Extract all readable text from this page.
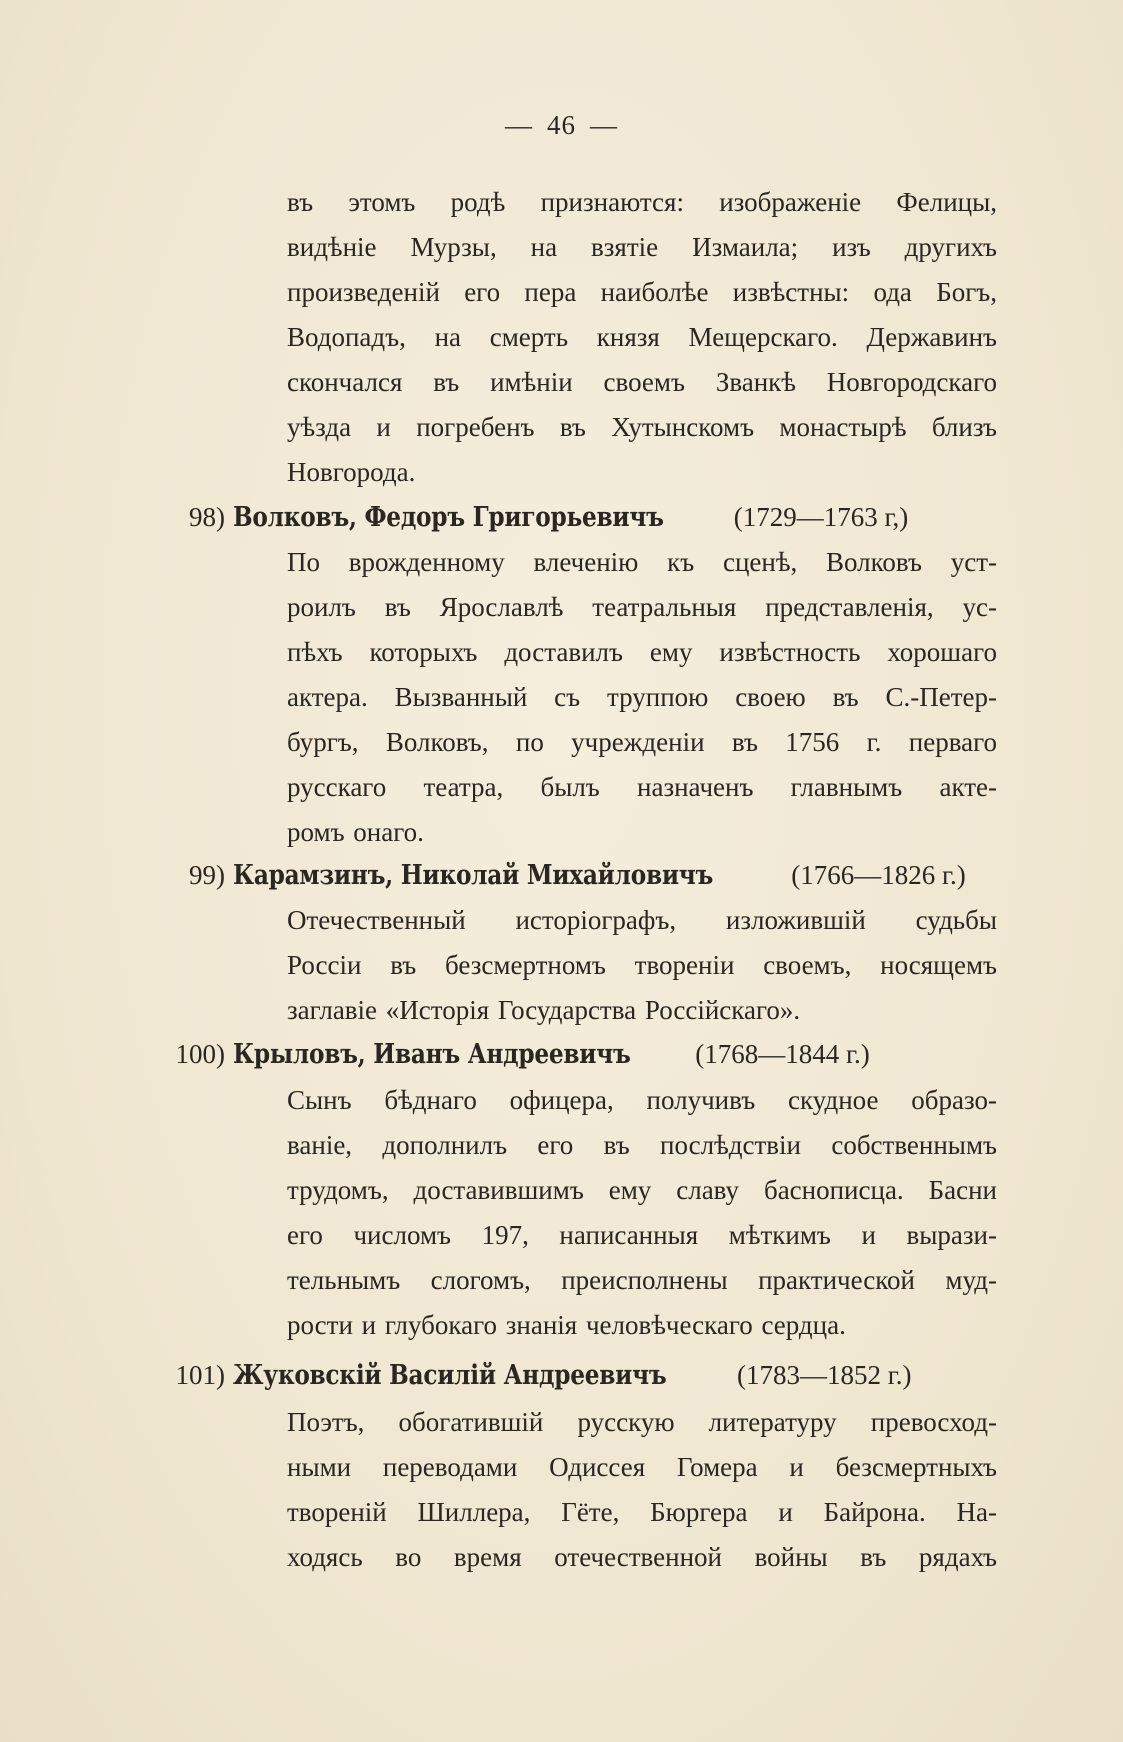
— 46 —
въ этомъ родѣ признаются: изображеніе Фелицы,
видѣніе Мурзы, на взятіе Измаила; изъ другихъ
произведеній его пера наиболѣе извѣстны: ода Богъ,
Водопадъ, на смерть князя Мещерскаго. Державинъ
скончался въ имѣніи своемъ Званкѣ Новгородскаго
уѣзда и погребенъ въ Хутынскомъ монастырѣ близъ
Новгорода.
98) Волковъ, Федоръ Григорьевичъ	(1729—1763 г,)
По врожденному влеченію къ сценѣ, Волковъ уст-
роилъ въ Ярославлѣ театральныя представленія, ус-
пѣхъ которыхъ доставилъ ему извѣстность хорошаго
актера. Вызванный съ труппою своею въ С.-Петер-
бургъ, Волковъ, по учрежденіи въ 1756 г. перваго
русскаго театра, былъ назначенъ главнымъ акте-
ромъ онаго.
99) Карамзинъ, Николай Михайловичъ	(1766—1826 г.)
Отечественный исторіографъ, изложившій судьбы
Россіи въ безсмертномъ твореніи своемъ, носящемъ
заглавіе «Исторія Государства Россійскаго».
100) Крыловъ, Иванъ Андреевичъ (1768—1844 г.)
Сынъ бѣднаго офицера, получивъ скудное образо-
ваніе, дополнилъ его въ послѣдствіи собственнымъ
трудомъ, доставившимъ ему славу баснописца. Басни
его числомъ 197, написанныя мѣткимъ и вырази-
тельнымъ слогомъ, преисполнены практической муд-
рости и глубокаго знанія человѣческаго сердца.
101) Жуковскій Василій Андреевичъ	(1783—1852 г.)
Поэтъ, обогатившій русскую литературу превосход-
ными переводами Одиссея Гомера и безсмертныхъ
твореній Шиллера, Гёте, Бюргера и Байрона. На-
ходясь во время отечественной войны въ рядахъ
